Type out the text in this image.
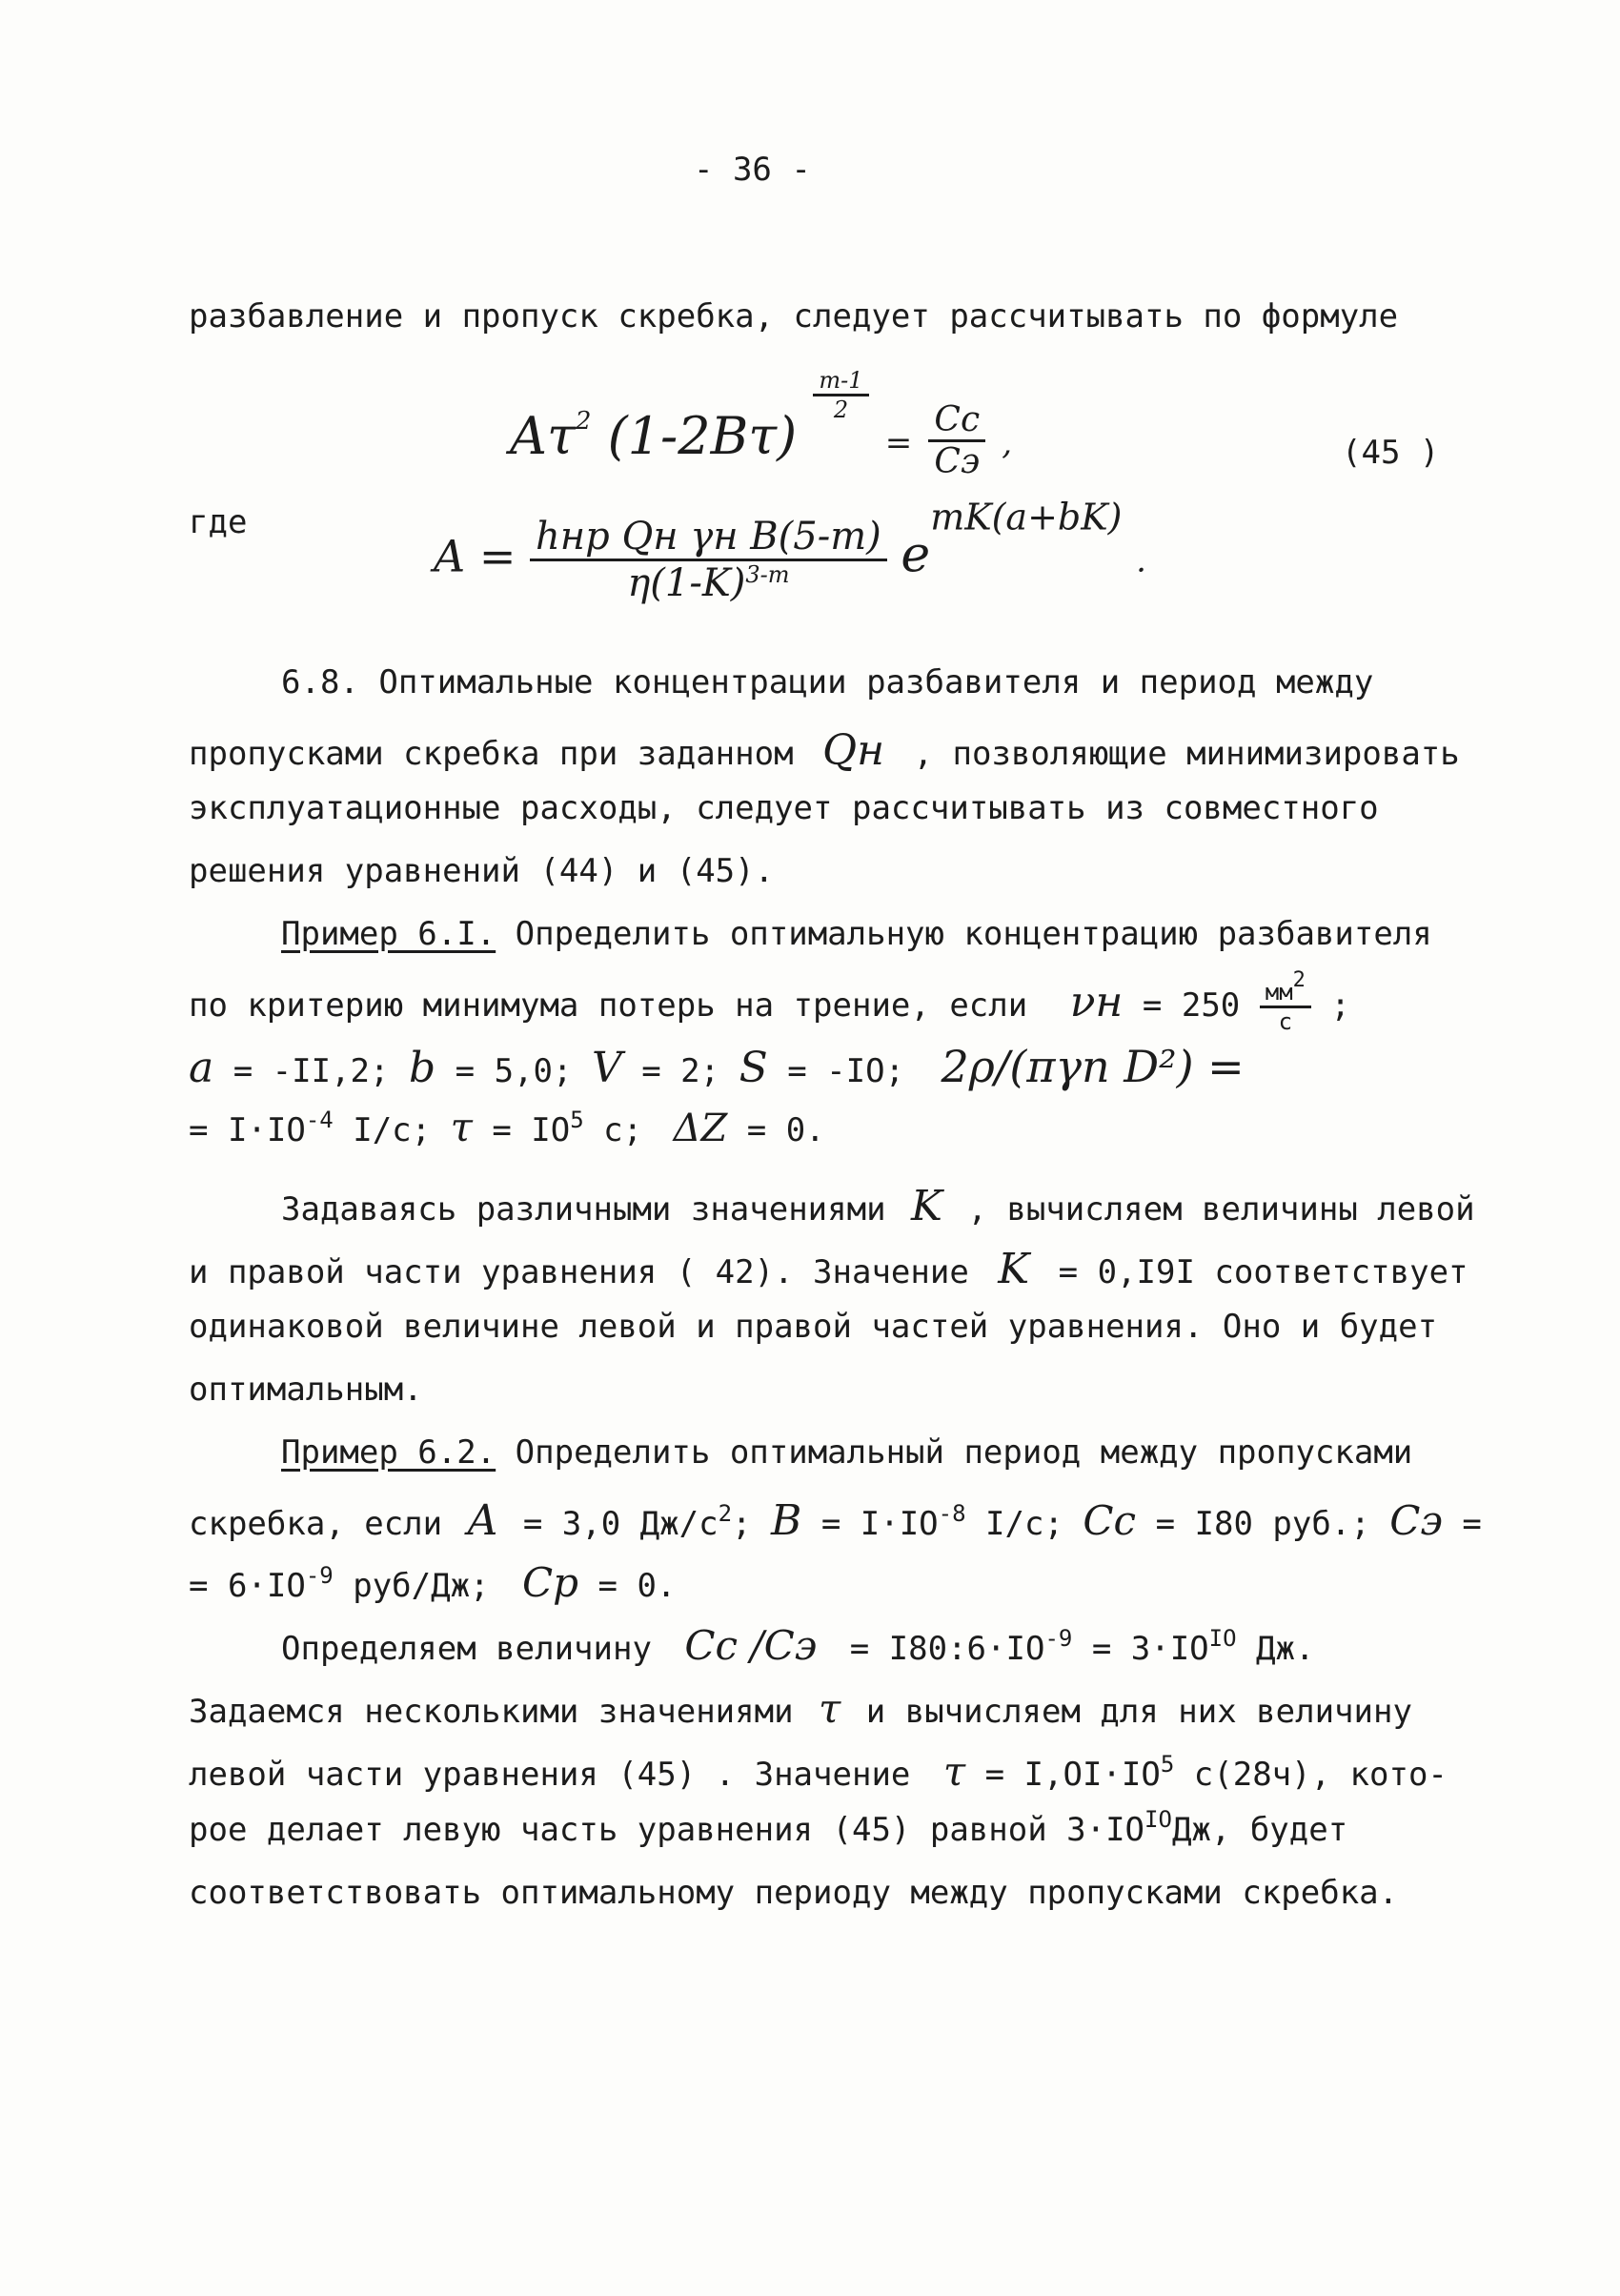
- 36 -
разбавление и пропуск скребка, следует рассчитывать по формуле
$A\tau^2$ (1-2Bτ)
$\frac{m-1}{2}$
= $\frac{Cс}{Cэ}$ ,	(45 )
где
$A = \frac{\text{hнр Qн γн B(5-m)}}{\eta(1-K)^{3-m}} e^{mK(a+bK)}$ .
6.8. Оптимальные концентрации разбавителя и период между
пропусками скребка при заданном Qн , позволяющие минимизировать
эксплуатационные расходы, следует рассчитывать из совместного
решения уравнений (44) и (45).
Пример 6.I. Определить оптимальную концентрацию разбавителя
по критерию минимума потерь на трение, если $\nu н = 250 \frac{мм^2}{с}$ ;
a = -II,2; b = 5,0; V = 2; S = -IO; 2ρ/(πγп D²) =
= $I\cdot IO^{-4}$ I/с; $\tau = IO^5$ с; ΔZ = 0.
Задаваясь различными значениями K , вычисляем величины левой
и правой части уравнения ( 42). Значение K = 0,I9I соответствует
одинаковой величине левой и правой частей уравнения. Оно и будет
оптимальным.
Пример 6.2. Определить оптимальный период между пропусками
скребка, если A = 3,0 $Дж/с^2$; $B = I\cdot IO^{-8}$ I/с; Cс = I80 руб.; Cэ =
= $6\cdot IO^{-9}$ руб/Дж; Cр = 0.
Определяем величину Cс $/Cэ = I80:6\cdot IO^{-9} = 3\cdot IO^{IO}$ Дж.
Задаемся несколькими значениями τ и вычисляем для них величину
левой части уравнения (45) . Значение $\tau = I,OI\cdot IO^5$ с(28ч), кото-
рое делает левую часть уравнения (45) равной $3\cdot IO^{IO}Дж$, будет
соответствовать оптимальному периоду между пропусками скребка.
